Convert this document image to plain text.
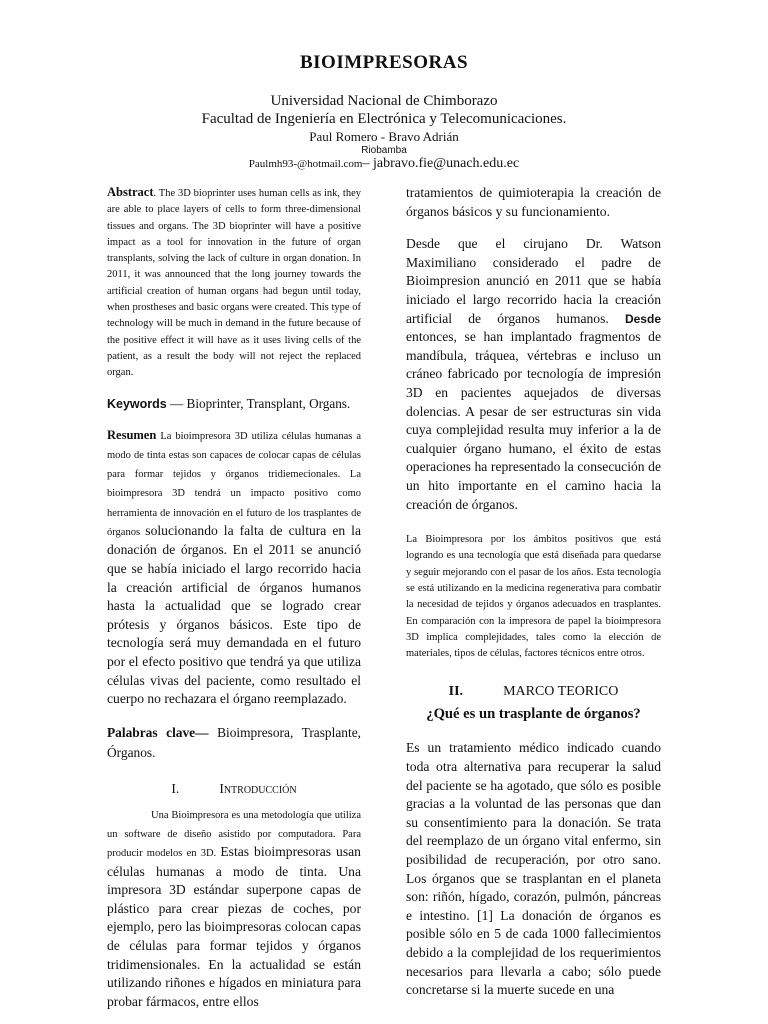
BIOIMPRESORAS
Universidad Nacional de Chimborazo
Facultad de Ingeniería en Electrónica y Telecomunicaciones.
Paul Romero - Bravo Adrián
Riobamba
Paulmh93-@hotmail.com– jabravo.fie@unach.edu.ec

Abstract. The 3D bioprinter uses human cells as ink, they are able to place layers of cells to form three-dimensional tissues and organs. The 3D bioprinter will have a positive impact as a tool for innovation in the future of organ transplants, solving the lack of culture in organ donation. In 2011, it was announced that the long journey towards the artificial creation of human organs had begun until today, when prostheses and basic organs were created. This type of technology will be much in demand in the future because of the positive effect it will have as it uses living cells of the patient, as a result the body will not reject the replaced organ.

Keywords — Bioprinter, Transplant, Organs.

Resumen La bioimpresora 3D utiliza células humanas a modo de tinta estas son capaces de colocar capas de células para formar tejidos y órganos tridiemecionales. La bioimpresora 3D tendrá un impacto positivo como herramienta de innovación en el futuro de los trasplantes de órganos solucionando la falta de cultura en la donación de órganos. En el 2011 se anunció que se había iniciado el largo recorrido hacia la creación artificial de órganos humanos hasta la actualidad que se logrado crear prótesis y órganos básicos. Este tipo de tecnología será muy demandada en el futuro por el efecto positivo que tendrá ya que utiliza células vivas del paciente, como resultado el cuerpo no rechazara el órgano reemplazado.

Palabras clave— Bioimpresora, Trasplante, Órganos.

I.	Introducción

Una Bioimpresora es una metodología que utiliza un software de diseño asistido por computadora. Para producir modelos en 3D. Estas bioimpresoras usan células humanas a modo de tinta. Una impresora 3D estándar superpone capas de plástico para crear piezas de coches, por ejemplo, pero las bioimpresoras colocan capas de células para formar tejidos y órganos tridimensionales. En la actualidad se están utilizando riñones e hígados en miniatura para probar fármacos, entre ellos

tratamientos de quimioterapia la creación de órganos básicos y su funcionamiento.

Desde que el cirujano Dr. Watson Maximiliano considerado el padre de Bioimpresion anunció en 2011 que se había iniciado el largo recorrido hacia la creación artificial de órganos humanos. Desde entonces, se han implantado fragmentos de mandíbula, tráquea, vértebras e incluso un cráneo fabricado por tecnología de impresión 3D en pacientes aquejados de diversas dolencias. A pesar de ser estructuras sin vida cuya complejidad resulta muy inferior a la de cualquier órgano humano, el éxito de estas operaciones ha representado la consecución de un hito importante en el camino hacia la creación de órganos.

La Bioimpresora por los ámbitos positivos que está logrando es una tecnología que está diseñada para quedarse y seguir mejorando con el pasar de los años. Esta tecnología se está utilizando en la medicina regenerativa para combatir la necesidad de tejidos y órganos adecuados en trasplantes. En comparación con la impresora de papel la bioimpresora 3D implica complejidades, tales como la elección de materiales, tipos de células, factores técnicos entre otros.

II.	MARCO TEORICO
¿Qué es un trasplante de órganos?

Es un tratamiento médico indicado cuando toda otra alternativa para recuperar la salud del paciente se ha agotado, que sólo es posible gracias a la voluntad de las personas que dan su consentimiento para la donación. Se trata del reemplazo de un órgano vital enfermo, sin posibilidad de recuperación, por otro sano. Los órganos que se trasplantan en el planeta son: riñón, hígado, corazón, pulmón, páncreas e intestino. [1] La donación de órganos es posible sólo en 5 de cada 1000 fallecimientos debido a la complejidad de los requerimientos necesarios para llevarla a cabo; sólo puede concretarse si la muerte sucede en una
